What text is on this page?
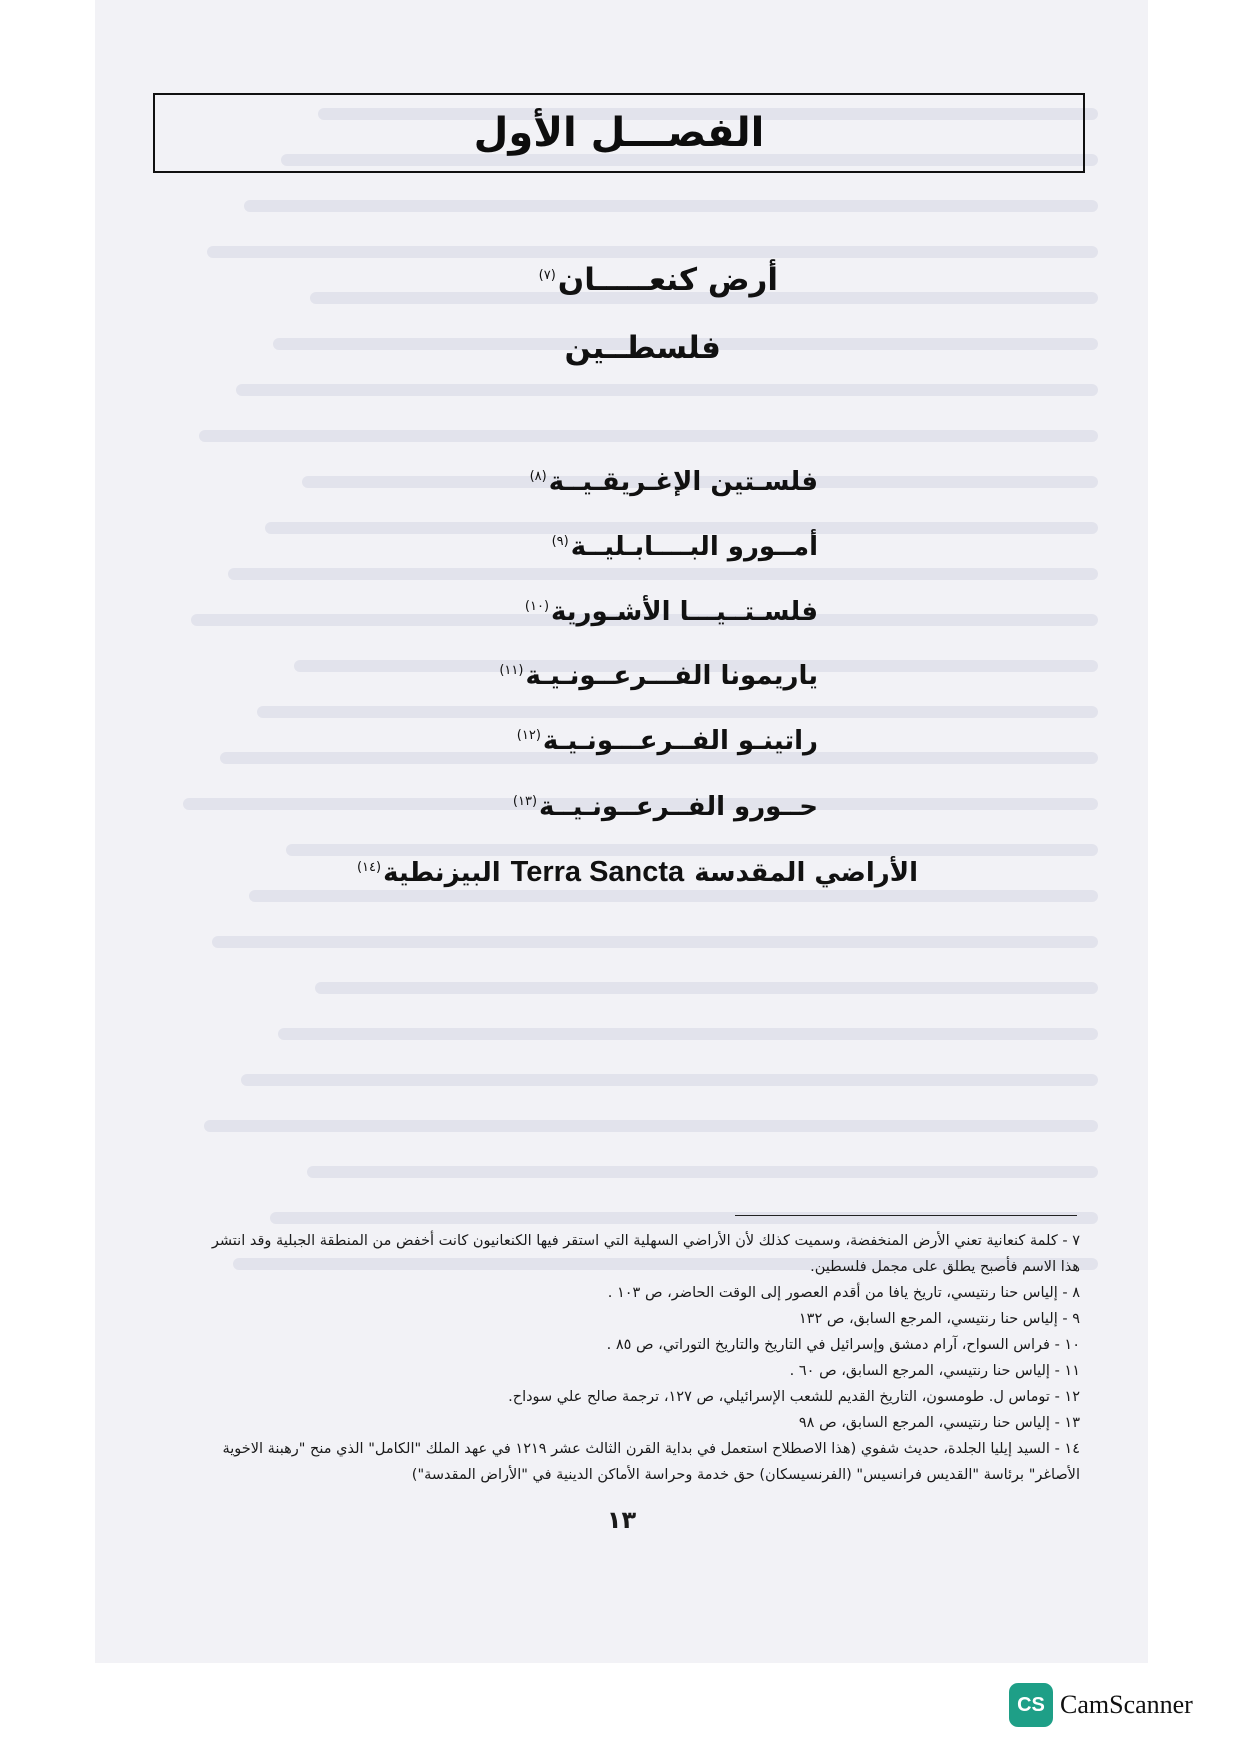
الفصـــل الأول
أرض كنعـــــان$^{(٧)}$
فلسطــين
فلسـتين الإغـريقـيــة$^{(٨)}$
أمــورو البــــابـليــة$^{(٩)}$
فلسـتــيـــا الأشـورية$^{(١٠)}$
ياريمونا الفـــرعــونـيـة$^{(١١)}$
راتينـو الفــرعـــونـيـة$^{(١٢)}$
حــورو الفــرعــونـيــة$^{(١٣)}$
الأراضي المقدسةTerra Sanctaالبيزنطية$^{(١٤)}$

٧ - كلمة كنعانية تعني الأرض المنخفضة، وسميت كذلك لأن الأراضي السهلية التي استقر فيها الكنعانيون كانت أخفض من المنطقة الجبلية وقد انتشر هذا الاسم فأصبح يطلق على مجمل فلسطين.

٨ - إلياس حنا رنتيسي، تاريخ يافا من أقدم العصور إلى الوقت الحاضر، ص ١٠٣ .

٩ - إلياس حنا رنتيسي، المرجع السابق، ص ١٣٢

١٠ - فراس السواح، آرام دمشق وإسرائيل في التاريخ والتاريخ التوراتي، ص ٨٥ .

١١ - إلياس حنا رنتيسي، المرجع السابق، ص ٦٠ .

١٢ - توماس ل. طومسون، التاريخ القديم للشعب الإسرائيلي، ص ١٢٧، ترجمة صالح علي سوداح.

١٣ - إلياس حنا رنتيسي، المرجع السابق، ص ٩٨

١٤ - السيد إيليا الجلدة، حديث شفوي (هذا الاصطلاح استعمل في بداية القرن الثالث عشر ١٢١٩ في عهد الملك "الكامل" الذي منح "رهبنة الاخوية الأصاغر" برئاسة "القديس فرانسيس" (الفرنسيسكان) حق خدمة وحراسة الأماكن الدينية في "الأراض المقدسة")

١٣
CS CamScanner
